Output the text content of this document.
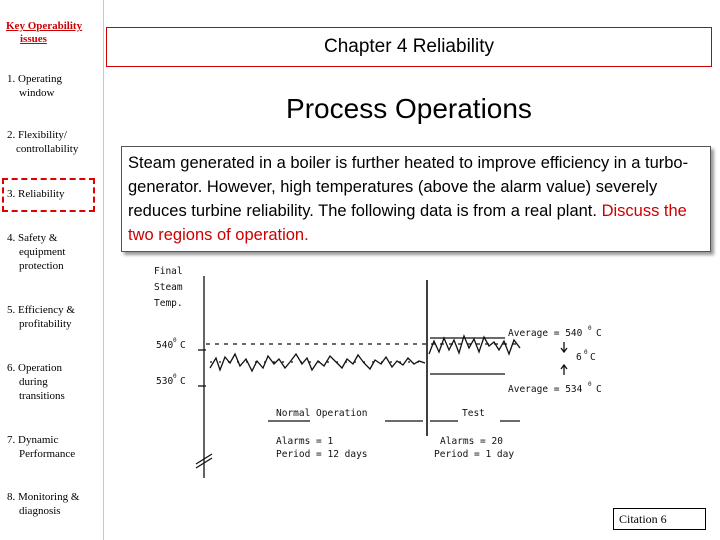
Key Operability
issues
1. Operating
window
2. Flexibility/
controllability
3. Reliability
4. Safety &
equipment
protection
5. Efficiency &
profitability
6. Operation
during
transitions
7. Dynamic
Performance
8. Monitoring &
diagnosis
Chapter 4 Reliability
Process Operations
Steam generated in a boiler is further heated to improve efficiency in a turbo-generator. However, high temperatures (above the alarm value) severely reduces turbine reliability. The following data is from a real plant. Discuss the two regions of operation.
Final
Steam
Temp.
540 0 C
530 0 C
Average = 540 0 C
6 0 C
Average = 534 0 C
Normal Operation	Test
Alarms = 1
Period = 12 days
Alarms = 20
Period = 1 day
Citation 6
